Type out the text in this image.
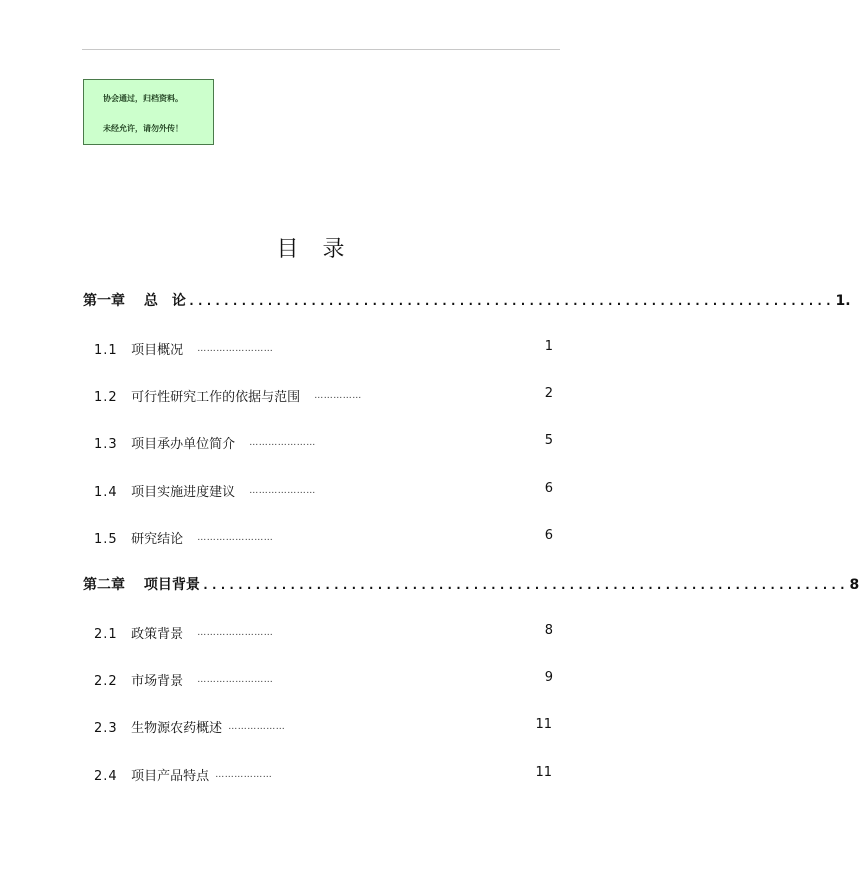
协会通过，归档资料。
未经允许，请勿外传！
目录
第一章　 总　论 .......................................................................... 1.
1.1 项目概况 ……………………	1
1.2 可行性研究工作的依据与范围 ……………	2
1.3 项目承办单位简介 …………………	5
1.4 项目实施进度建议 …………………	6
1.5 研究结论 ……………………	6
第二章　 项目背景 .......................................................................... 8
2.1 政策背景 ……………………	8
2.2 市场背景 ……………………	9
2.3 生物源农药概述 ………………	11
2.4 项目产品特点 ………………	11
